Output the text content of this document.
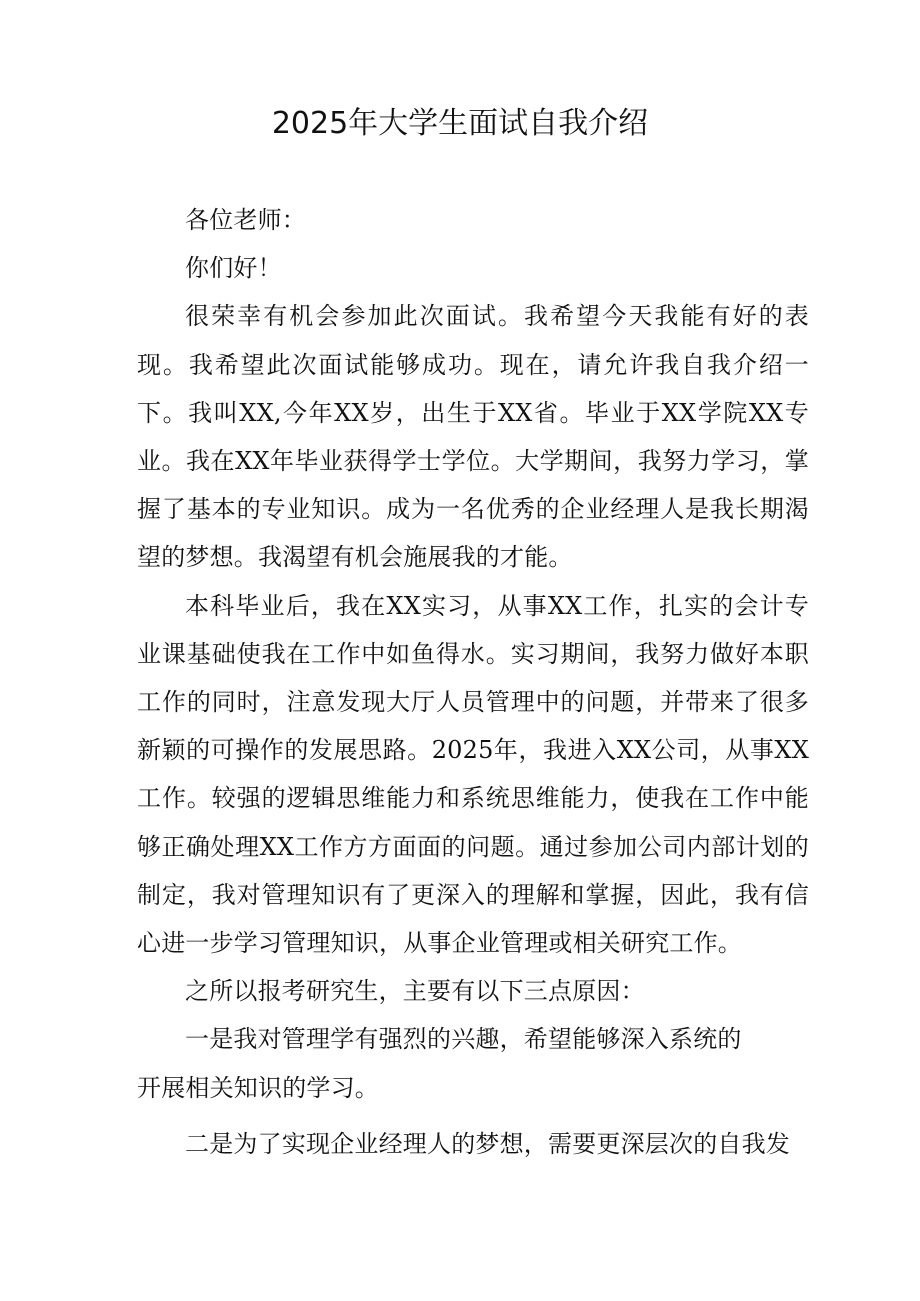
2025年大学生面试自我介绍

各位老师：

你们好！

很荣幸有机会参加此次面试。我希望今天我能有好的表现。我希望此次面试能够成功。现在，请允许我自我介绍一下。我叫XX,今年XX岁，出生于XX省。毕业于XX学院XX专业。我在XX年毕业获得学士学位。大学期间，我努力学习，掌握了基本的专业知识。成为一名优秀的企业经理人是我长期渴望的梦想。我渴望有机会施展我的才能。

本科毕业后，我在XX实习，从事XX工作，扎实的会计专业课基础使我在工作中如鱼得水。实习期间，我努力做好本职工作的同时，注意发现大厅人员管理中的问题，并带来了很多新颖的可操作的发展思路。2025年，我进入XX公司，从事XX工作。较强的逻辑思维能力和系统思维能力，使我在工作中能够正确处理XX工作方方面面的问题。通过参加公司内部计划的制定，我对管理知识有了更深入的理解和掌握，因此，我有信心进一步学习管理知识，从事企业管理或相关研究工作。

之所以报考研究生，主要有以下三点原因：

一是我对管理学有强烈的兴趣，希望能够深入系统的

开展相关知识的学习。

二是为了实现企业经理人的梦想，需要更深层次的自我发
